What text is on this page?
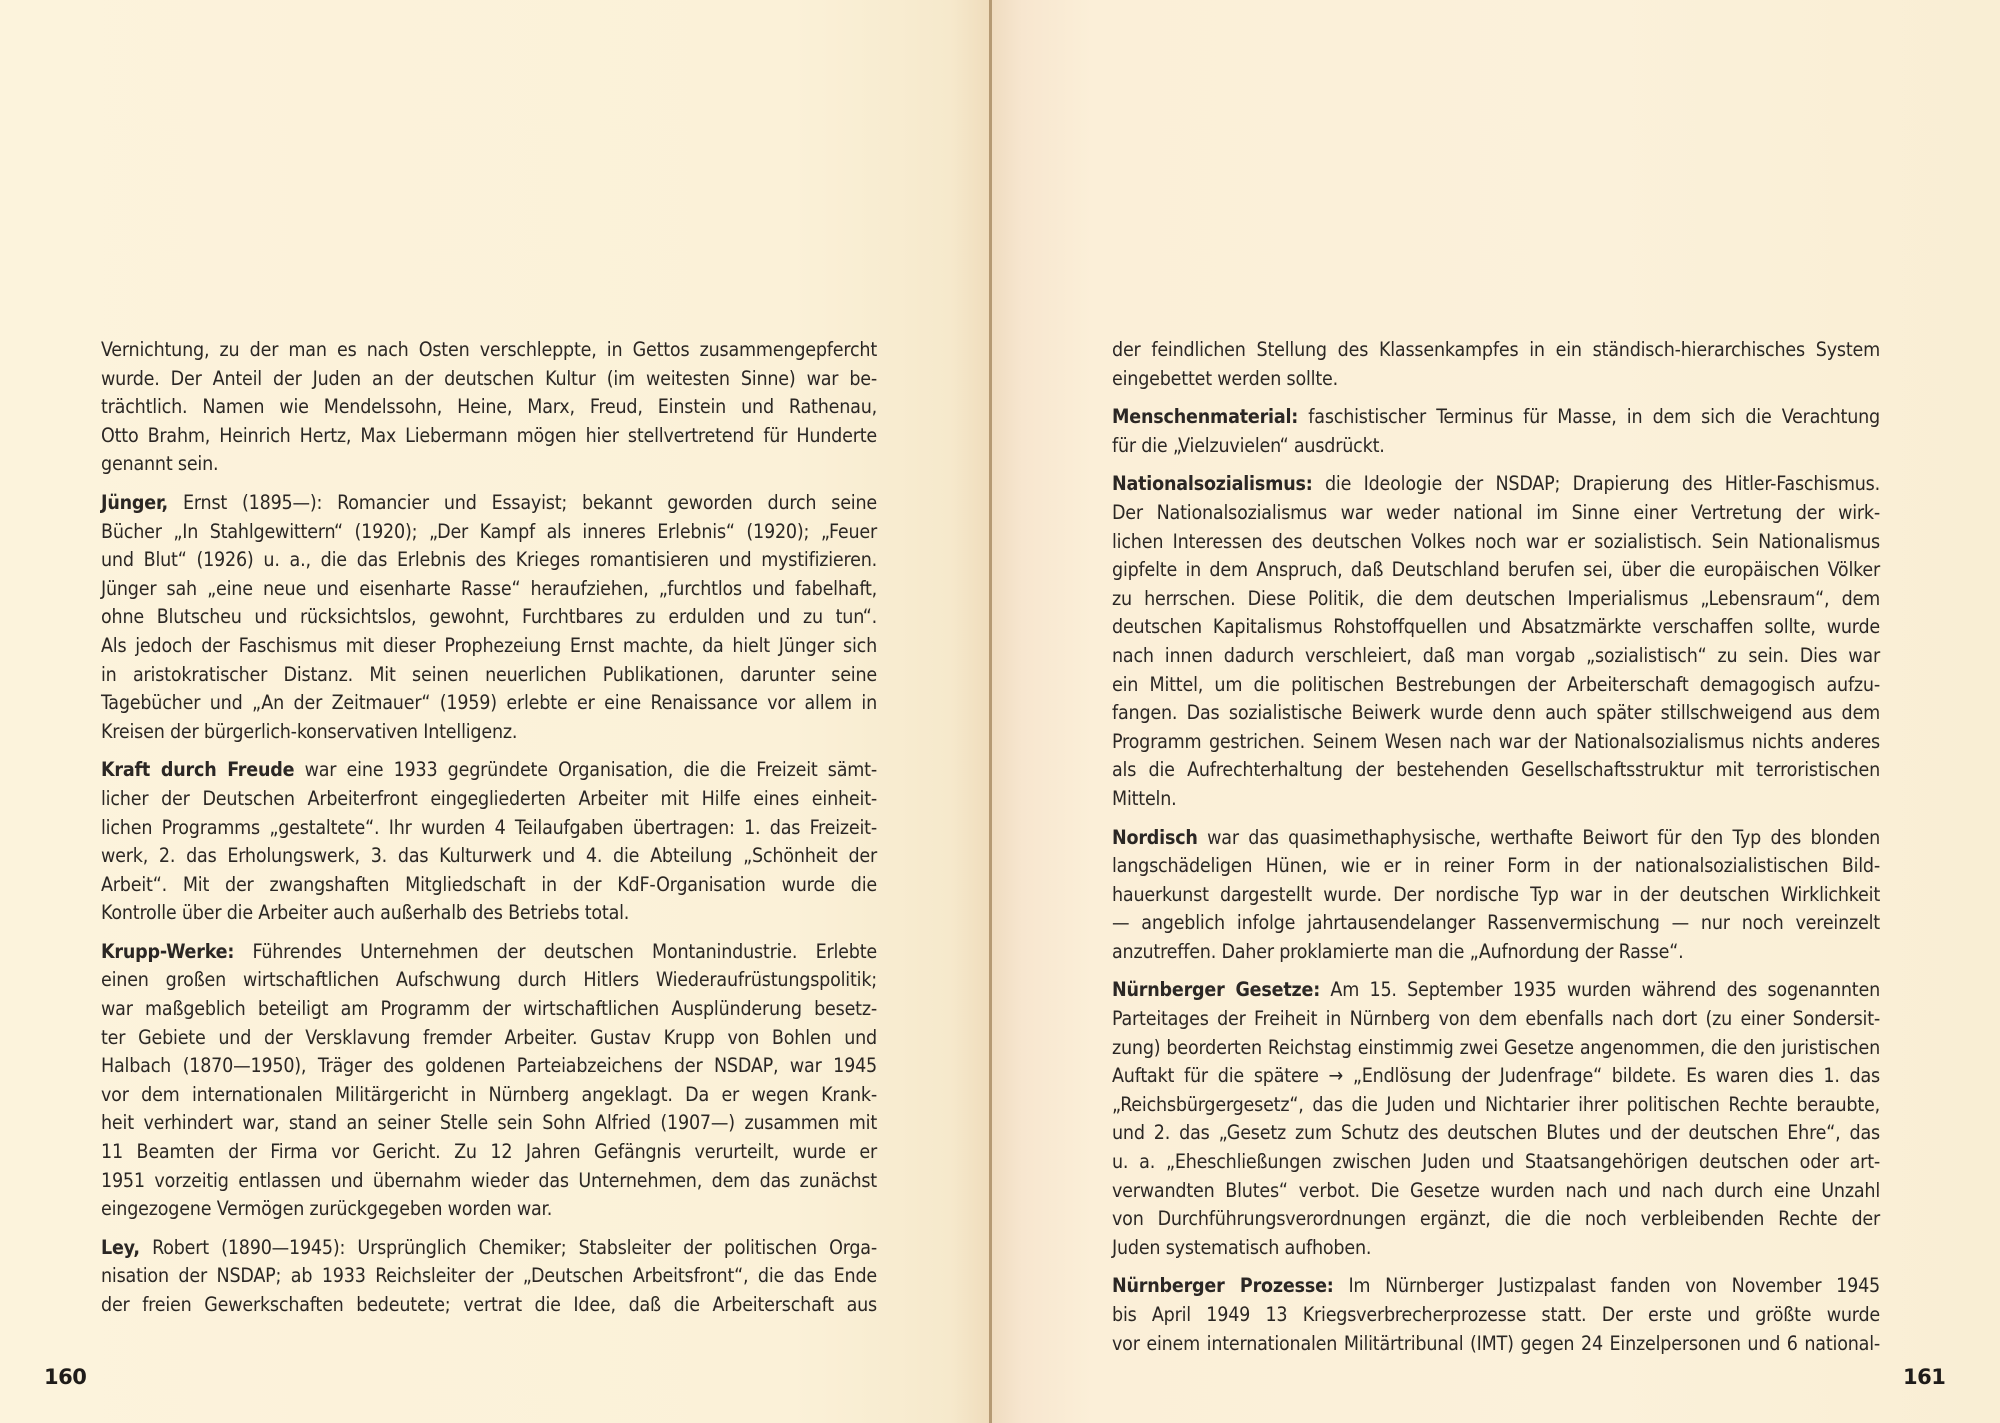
Vernichtung, zu der man es nach Osten verschleppte, in Gettos zusammengepfercht
wurde. Der Anteil der Juden an der deutschen Kultur (im weitesten Sinne) war be-
trächtlich. Namen wie Mendelssohn, Heine, Marx, Freud, Einstein und Rathenau,
Otto Brahm, Heinrich Hertz, Max Liebermann mögen hier stellvertretend für Hunderte
genannt sein.
Jünger, Ernst (1895—): Romancier und Essayist; bekannt geworden durch seine
Bücher „In Stahlgewittern“ (1920); „Der Kampf als inneres Erlebnis“ (1920); „Feuer
und Blut“ (1926) u. a., die das Erlebnis des Krieges romantisieren und mystifizieren.
Jünger sah „eine neue und eisenharte Rasse“ heraufziehen, „furchtlos und fabelhaft,
ohne Blutscheu und rücksichtslos, gewohnt, Furchtbares zu erdulden und zu tun“.
Als jedoch der Faschismus mit dieser Prophezeiung Ernst machte, da hielt Jünger sich
in aristokratischer Distanz. Mit seinen neuerlichen Publikationen, darunter seine
Tagebücher und „An der Zeitmauer“ (1959) erlebte er eine Renaissance vor allem in
Kreisen der bürgerlich-konservativen Intelligenz.
Kraft durch Freude war eine 1933 gegründete Organisation, die die Freizeit sämt-
licher der Deutschen Arbeiterfront eingegliederten Arbeiter mit Hilfe eines einheit-
lichen Programms „gestaltete“. Ihr wurden 4 Teilaufgaben übertragen: 1. das Freizeit-
werk, 2. das Erholungswerk, 3. das Kulturwerk und 4. die Abteilung „Schönheit der
Arbeit“. Mit der zwangshaften Mitgliedschaft in der KdF-Organisation wurde die
Kontrolle über die Arbeiter auch außerhalb des Betriebs total.
Krupp-Werke: Führendes Unternehmen der deutschen Montanindustrie. Erlebte
einen großen wirtschaftlichen Aufschwung durch Hitlers Wiederaufrüstungspolitik;
war maßgeblich beteiligt am Programm der wirtschaftlichen Ausplünderung besetz-
ter Gebiete und der Versklavung fremder Arbeiter. Gustav Krupp von Bohlen und
Halbach (1870—1950), Träger des goldenen Parteiabzeichens der NSDAP, war 1945
vor dem internationalen Militärgericht in Nürnberg angeklagt. Da er wegen Krank-
heit verhindert war, stand an seiner Stelle sein Sohn Alfried (1907—) zusammen mit
11 Beamten der Firma vor Gericht. Zu 12 Jahren Gefängnis verurteilt, wurde er
1951 vorzeitig entlassen und übernahm wieder das Unternehmen, dem das zunächst
eingezogene Vermögen zurückgegeben worden war.
Ley, Robert (1890—1945): Ursprünglich Chemiker; Stabsleiter der politischen Orga-
nisation der NSDAP; ab 1933 Reichsleiter der „Deutschen Arbeitsfront“, die das Ende
der freien Gewerkschaften bedeutete; vertrat die Idee, daß die Arbeiterschaft aus
160
der feindlichen Stellung des Klassenkampfes in ein ständisch-hierarchisches System
eingebettet werden sollte.
Menschenmaterial: faschistischer Terminus für Masse, in dem sich die Verachtung
für die „Vielzuvielen“ ausdrückt.
Nationalsozialismus: die Ideologie der NSDAP; Drapierung des Hitler-Faschismus.
Der Nationalsozialismus war weder national im Sinne einer Vertretung der wirk-
lichen Interessen des deutschen Volkes noch war er sozialistisch. Sein Nationalismus
gipfelte in dem Anspruch, daß Deutschland berufen sei, über die europäischen Völker
zu herrschen. Diese Politik, die dem deutschen Imperialismus „Lebensraum“, dem
deutschen Kapitalismus Rohstoffquellen und Absatzmärkte verschaffen sollte, wurde
nach innen dadurch verschleiert, daß man vorgab „sozialistisch“ zu sein. Dies war
ein Mittel, um die politischen Bestrebungen der Arbeiterschaft demagogisch aufzu-
fangen. Das sozialistische Beiwerk wurde denn auch später stillschweigend aus dem
Programm gestrichen. Seinem Wesen nach war der Nationalsozialismus nichts anderes
als die Aufrechterhaltung der bestehenden Gesellschaftsstruktur mit terroristischen
Mitteln.
Nordisch war das quasimethaphysische, werthafte Beiwort für den Typ des blonden
langschädeligen Hünen, wie er in reiner Form in der nationalsozialistischen Bild-
hauerkunst dargestellt wurde. Der nordische Typ war in der deutschen Wirklichkeit
— angeblich infolge jahrtausendelanger Rassenvermischung — nur noch vereinzelt
anzutreffen. Daher proklamierte man die „Aufnordung der Rasse“.
Nürnberger Gesetze: Am 15. September 1935 wurden während des sogenannten
Parteitages der Freiheit in Nürnberg von dem ebenfalls nach dort (zu einer Sondersit-
zung) beorderten Reichstag einstimmig zwei Gesetze angenommen, die den juristischen
Auftakt für die spätere → „Endlösung der Judenfrage“ bildete. Es waren dies 1. das
„Reichsbürgergesetz“, das die Juden und Nichtarier ihrer politischen Rechte beraubte,
und 2. das „Gesetz zum Schutz des deutschen Blutes und der deutschen Ehre“, das
u. a. „Eheschließungen zwischen Juden und Staatsangehörigen deutschen oder art-
verwandten Blutes“ verbot. Die Gesetze wurden nach und nach durch eine Unzahl
von Durchführungsverordnungen ergänzt, die die noch verbleibenden Rechte der
Juden systematisch aufhoben.
Nürnberger Prozesse: Im Nürnberger Justizpalast fanden von November 1945
bis April 1949 13 Kriegsverbrecherprozesse statt. Der erste und größte wurde
vor einem internationalen Militärtribunal (IMT) gegen 24 Einzelpersonen und 6 national-
161
